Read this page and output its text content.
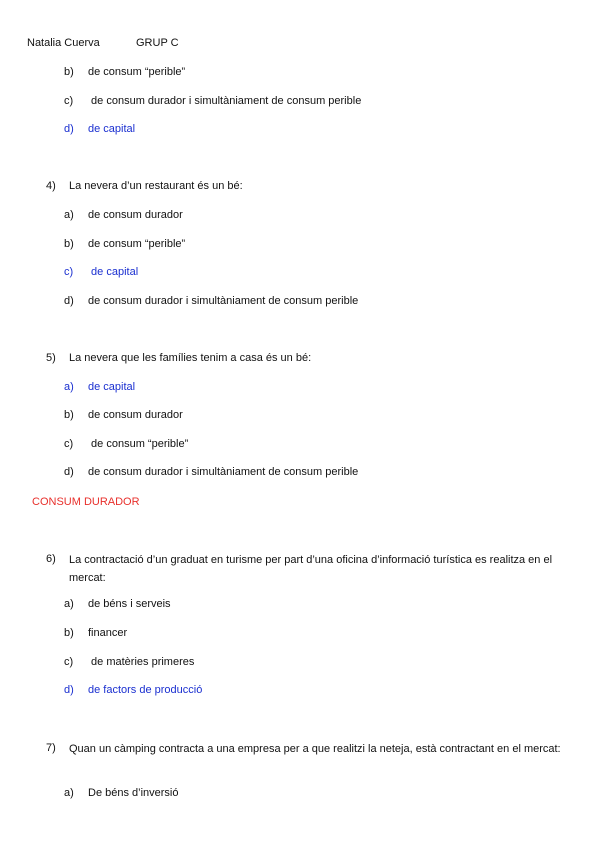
Natalia Cuerva	GRUP C
b) de consum “perible”
c) de consum durador i simultàniament de consum perible
d) de capital
4) La nevera d’un restaurant és un bé:
a) de consum durador
b) de consum “perible”
c) de capital
d) de consum durador i simultàniament de consum perible
5) La nevera que les famílies tenim a casa és un bé:
a) de capital
b) de consum durador
c) de consum “perible”
d) de consum durador i simultàniament de consum perible
CONSUM DURADOR
6) La contractació d’un graduat en turisme per part d’una oficina d’informació turística es realitza en el mercat:
a) de béns i serveis
b) financer
c) de matèries primeres
d) de factors de producció
7) Quan un càmping contracta a una empresa per a que realitzi la neteja, està contractant en el mercat:
a) De béns d’inversió
